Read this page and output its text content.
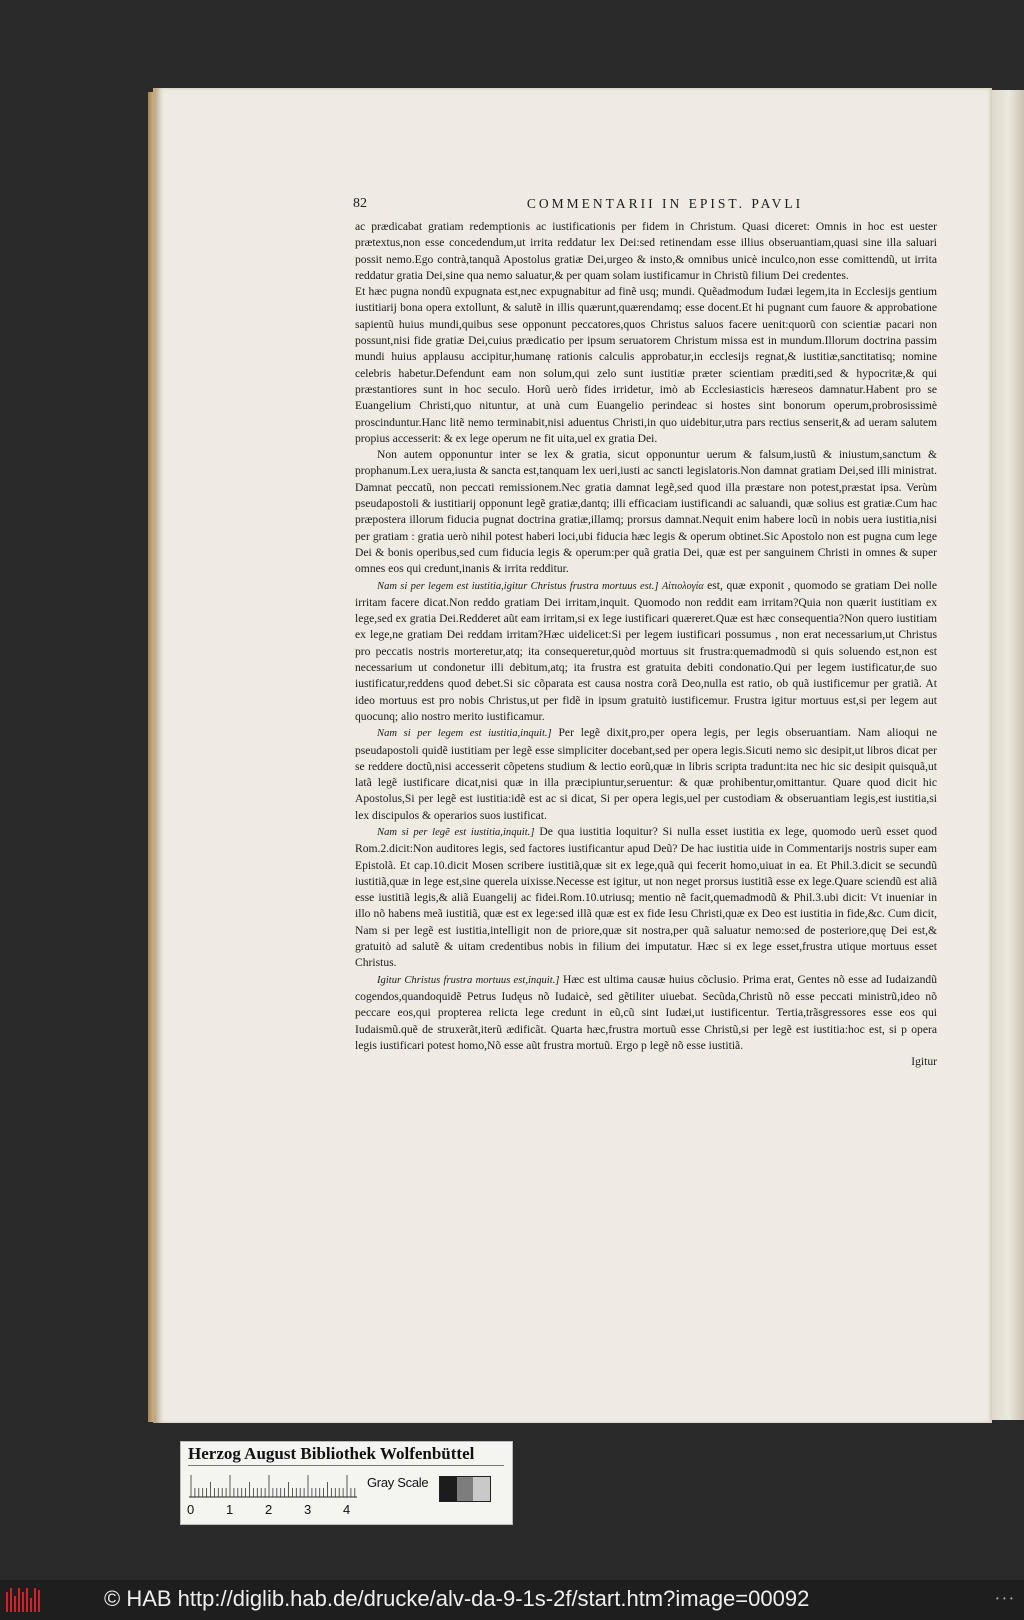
82	COMMENTARII IN EPIST. PAVLI

ac prædicabat gratiam redemptionis ac iustificationis per fidem in Christum. Quasi diceret: Omnis in hoc est uester prætextus,non esse concedendum,ut irrita reddatur lex Dei:sed retinendam esse illius obseruantiam,quasi sine illa saluari possit nemo.Ego contrà,tanquã Apostolus gratiæ Dei,urgeo & insto,& omnibus unicè inculco,non esse comittendũ, ut irrita reddatur gratia Dei,sine qua nemo saluatur,& per quam solam iustificamur in Christũ filium Dei credentes.

Et hæc pugna nondũ expugnata est,nec expugnabitur ad finẽ usq; mundi. Quẽadmodum Iudæi legem,ita in Ecclesijs gentium iustitiarij bona opera extollunt, & salutẽ in illis quærunt,quærendamq; esse docent.Et hi pugnant cum fauore & approbatione sapientũ huius mundi,quibus sese opponunt peccatores,quos Christus saluos facere uenit:quorũ con scientiæ pacari non possunt,nisi fide gratiæ Dei,cuius prædicatio per ipsum seruatorem Christum missa est in mundum.Illorum doctrina passim mundi huius applausu accipitur,humanę rationis calculis approbatur,in ecclesijs regnat,& iustitiæ,sanctitatisq; nomine celebris habetur.Defendunt eam non solum,qui zelo sunt iustitiæ præter scientiam præditi,sed & hypocritæ,& qui præstantiores sunt in hoc seculo. Horũ uerò fides irridetur, imò ab Ecclesiasticis hæreseos damnatur.Habent pro se Euangelium Christi,quo nituntur, at unà cum Euangelio perindeac si hostes sint bonorum operum,probrosissimè proscinduntur.Hanc litẽ nemo terminabit,nisi aduentus Christi,in quo uidebitur,utra pars rectius senserit,& ad ueram salutem propius accesserit: & ex lege operum ne fit uita,uel ex gratia Dei.

Non autem opponuntur inter se lex & gratia, sicut opponuntur uerum & falsum,iustũ & iniustum,sanctum & prophanum.Lex uera,iusta & sancta est,tanquam lex ueri,iusti ac sancti legislatoris.Non damnat gratiam Dei,sed illi ministrat. Damnat peccatũ, non peccati remissionem.Nec gratia damnat legẽ,sed quod illa præstare non potest,præstat ipsa. Verùm pseudapostoli & iustitiarij opponunt legẽ gratiæ,dantq; illi efficaciam iustificandi ac saluandi, quæ solius est gratiæ.Cum hac præpostera illorum fiducia pugnat doctrina gratiæ,illamq; prorsus damnat.Nequit enim habere locũ in nobis uera iustitia,nisi per gratiam : gratia uerò nihil potest haberi loci,ubi fiducia hæc legis & operum obtinet.Sic Apostolo non est pugna cum lege Dei & bonis operibus,sed cum fiducia legis & operum:per quã gratia Dei, quæ est per sanguinem Christi in omnes & super omnes eos qui credunt,inanis & irrita redditur.

Nam si per legem est iustitia,igitur Christus frustra mortuus est.] Αἰτιολογία est, quæ exponit , quomodo se gratiam Dei nolle irritam facere dicat.Non reddo gratiam Dei irritam,inquit. Quomodo non reddit eam irritam?Quia non quærit iustitiam ex lege,sed ex gratia Dei.Redderet aũt eam irritam,si ex lege iustificari quæreret.Quæ est hæc consequentia?Non quero iustitiam ex lege,ne gratiam Dei reddam irritam?Hæc uidelicet:Si per legem iustificari possumus , non erat necessarium,ut Christus pro peccatis nostris morteretur,atq; ita consequeretur,quòd mortuus sit frustra:quemadmodũ si quis soluendo est,non est necessarium ut condonetur illi debitum,atq; ita frustra est gratuita debiti condonatio.Qui per legem iustificatur,de suo iustificatur,reddens quod debet.Si sic cõparata est causa nostra corã Deo,nulla est ratio, ob quã iustificemur per gratiã. At ideo mortuus est pro nobis Christus,ut per fidẽ in ipsum gratuitò iustificemur. Frustra igitur mortuus est,si per legem aut quocunq; alio nostro merito iustificamur.

Nam si per legem est iustitia,inquit.] Per legẽ dixit,pro,per opera legis, per legis obseruantiam. Nam alioqui ne pseudapostoli quidẽ iustitiam per legẽ esse simpliciter docebant,sed per opera legis.Sicuti nemo sic desipit,ut libros dicat per se reddere doctũ,nisi accesserit cõpetens studium & lectio eorũ,quæ in libris scripta tradunt:ita nec hic sic desipit quisquã,ut latã legẽ iustificare dicat,nisi quæ in illa præcipiuntur,seruentur: & quæ prohibentur,omittantur. Quare quod dicit hic Apostolus,Si per legẽ est iustitia:idẽ est ac si dicat, Si per opera legis,uel per custodiam & obseruantiam legis,est iustitia,si lex discipulos & operarios suos iustificat.

Nam si per legẽ est iustitia,inquit.] De qua iustitia loquitur? Si nulla esset iustitia ex lege, quomodo uerũ esset quod Rom.2.dicit:Non auditores legis, sed factores iustificantur apud Deũ? De hac iustitia uide in Commentarijs nostris super eam Epistolã. Et cap.10.dicit Mosen scribere iustitiã,quæ sit ex lege,quã qui fecerit homo,uiuat in ea. Et Phil.3.dicit se secundũ iustitiã,quæ in lege est,sine querela uixisse.Necesse est igitur, ut non neget prorsus iustitiã esse ex lege.Quare sciendũ est aliã esse iustitiã legis,& aliã Euangelij ac fidei.Rom.10.utriusq; mentio nẽ facit,quemadmodũ & Phil.3.ubi dicit: Vt inueniar in illo nõ habens meã iustitiã, quæ est ex lege:sed illã quæ est ex fide Iesu Christi,quæ ex Deo est iustitia in fide,&c. Cum dicit, Nam si per legẽ est iustitia,intelligit non de priore,quæ sit nostra,per quã saluatur nemo:sed de posteriore,quę Dei est,& gratuitò ad salutẽ & uitam credentibus nobis in filium dei imputatur. Hæc si ex lege esset,frustra utique mortuus esset Christus.

Igitur Christus frustra mortuus est,inquit.] Hæc est ultima causæ huius cõclusio. Prima erat, Gentes nõ esse ad Iudaizandũ cogendos,quandoquidẽ Petrus Iudęus nõ Iudaicè, sed gẽtiliter uiuebat. Secũda,Christũ nõ esse peccati ministrũ,ideo nõ peccare eos,qui propterea relicta lege credunt in eũ,cũ sint Iudæi,ut iustificentur. Tertia,trãsgressores esse eos qui Iudaismũ.quẽ de struxerãt,iterũ ædificãt. Quarta hæc,frustra mortuũ esse Christũ,si per legẽ est iustitia:hoc est, si p opera legis iustificari potest homo,Nõ esse aũt frustra mortuũ. Ergo p legẽ nõ esse iustitiã.

Igitur
Herzog August Bibliothek Wolfenbüttel
0 1 2 3 4
Gray Scale
© HAB http://diglib.hab.de/drucke/alv-da-9-1s-2f/start.htm?image=00092	• • •
